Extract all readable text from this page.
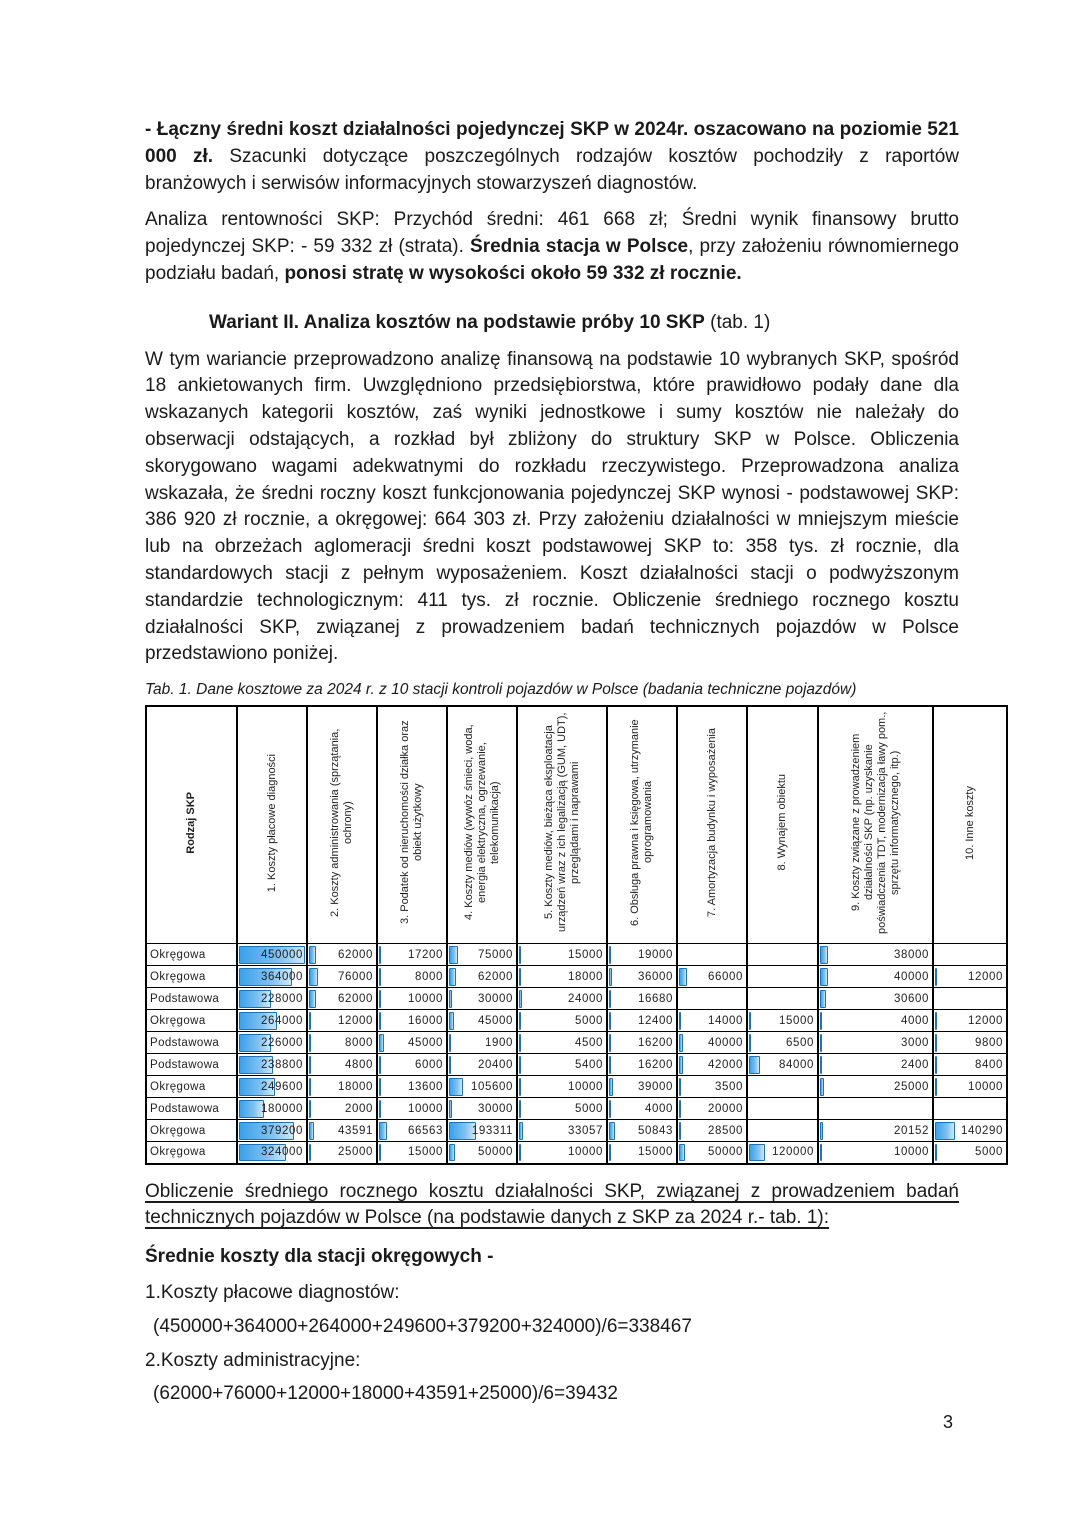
- Łączny średni koszt działalności pojedynczej SKP w 2024r. oszacowano na poziomie 521 000 zł. Szacunki dotyczące poszczególnych rodzajów kosztów pochodziły z raportów branżowych i serwisów informacyjnych stowarzyszeń diagnostów.

Analiza rentowności SKP: Przychód średni: 461 668 zł; Średni wynik finansowy brutto pojedynczej SKP: - 59 332 zł (strata). Średnia stacja w Polsce, przy założeniu równomiernego podziału badań, ponosi stratę w wysokości około 59 332 zł rocznie.

Wariant II. Analiza kosztów na podstawie próby 10 SKP (tab. 1)

W tym wariancie przeprowadzono analizę finansową na podstawie 10 wybranych SKP, spośród 18 ankietowanych firm. Uwzględniono przedsiębiorstwa, które prawidłowo podały dane dla wskazanych kategorii kosztów, zaś wyniki jednostkowe i sumy kosztów nie należały do obserwacji odstających, a rozkład był zbliżony do struktury SKP w Polsce. Obliczenia skorygowano wagami adekwatnymi do rozkładu rzeczywistego. Przeprowadzona analiza wskazała, że średni roczny koszt funkcjonowania pojedynczej SKP wynosi - podstawowej SKP: 386 920 zł rocznie, a okręgowej: 664 303 zł. Przy założeniu działalności w mniejszym mieście lub na obrzeżach aglomeracji średni koszt podstawowej SKP to: 358 tys. zł rocznie, dla standardowych stacji z pełnym wyposażeniem. Koszt działalności stacji o podwyższonym standardzie technologicznym: 411 tys. zł rocznie. Obliczenie średniego rocznego kosztu działalności SKP, związanej z prowadzeniem badań technicznych pojazdów w Polsce przedstawiono poniżej.

Tab. 1. Dane kosztowe za 2024 r. z 10 stacji kontroli pojazdów w Polsce (badania techniczne pojazdów)

Rodzaj SKP	1. Koszty płacowe diagności	2. Koszty administrowania (sprzątania, ochrony)	3. Podatek od nieruchomości działka oraz obiekt użytkowy	4. Koszty mediów (wywóz śmieci, woda, energia elektryczna, ogrzewanie, telekomunikacja)	5. Koszty mediów, bieżąca eksploatacja urządzeń wraz z ich legalizacją (GUM, UDT), przeglądami i naprawami	6. Obsługa prawna i księgowa, utrzymanie oprogramowania	7. Amortyzacja budynku i wyposażenia	8. Wynajem obiektu	9. Koszty związane z prowadzeniem działalności SKP (np. uzyskanie poświadczenia TDT, modernizacja ławy pom., sprzętu informatycznego, itp.)	10. Inne koszty
Okręgowa	450000	62000	17200	75000	15000	19000			38000	
Okręgowa	364000	76000	8000	62000	18000	36000	66000		40000	12000
Podstawowa	228000	62000	10000	30000	24000	16680			30600	
Okręgowa	264000	12000	16000	45000	5000	12400	14000	15000	4000	12000
Podstawowa	226000	8000	45000	1900	4500	16200	40000	6500	3000	9800
Podstawowa	238800	4800	6000	20400	5400	16200	42000	84000	2400	8400
Okręgowa	249600	18000	13600	105600	10000	39000	3500		25000	10000
Podstawowa	180000	2000	10000	30000	5000	4000	20000			
Okręgowa	379200	43591	66563	193311	33057	50843	28500		20152	140290
Okręgowa	324000	25000	15000	50000	10000	15000	50000	120000	10000	5000

Obliczenie średniego rocznego kosztu działalności SKP, związanej z prowadzeniem badań technicznych pojazdów w Polsce (na podstawie danych z SKP za 2024 r.- tab. 1):

Średnie koszty dla stacji okręgowych -

1.Koszty płacowe diagnostów:

(450000+364000+264000+249600+379200+324000)/6=338467

2.Koszty administracyjne:

(62000+76000+12000+18000+43591+25000)/6=39432

3
